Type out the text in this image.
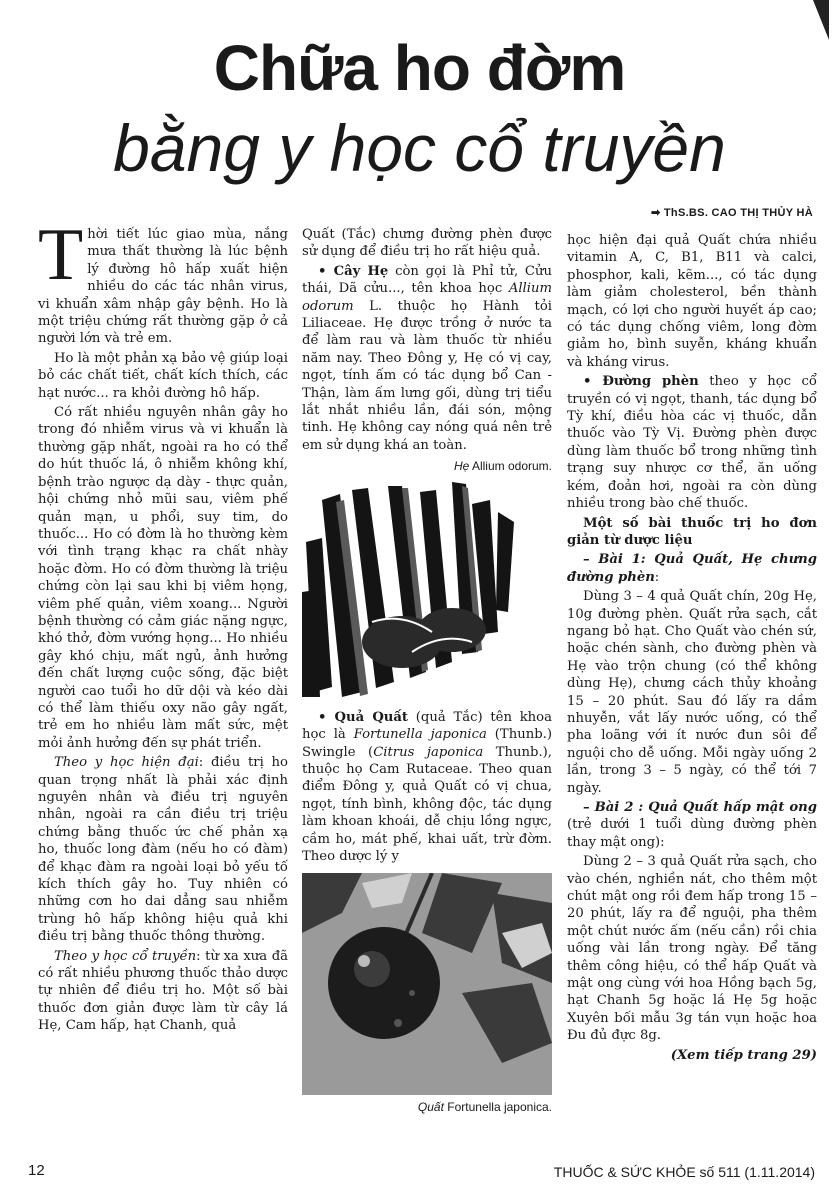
Chữa ho đờm
bằng y học cổ truyền
➡ ThS.BS. CAO THỊ THỦY HÀ

Thời tiết lúc giao mùa, nắng mưa thất thường là lúc bệnh lý đường hô hấp xuất hiện nhiều do các tác nhân virus, vi khuẩn xâm nhập gây bệnh. Ho là một triệu chứng rất thường gặp ở cả người lớn và trẻ em.

Ho là một phản xạ bảo vệ giúp loại bỏ các chất tiết, chất kích thích, các hạt nước... ra khỏi đường hô hấp.

Có rất nhiều nguyên nhân gây ho trong đó nhiễm virus và vi khuẩn là thường gặp nhất, ngoài ra ho có thể do hút thuốc lá, ô nhiễm không khí, bệnh trào ngược dạ dày - thực quản, hội chứng nhỏ mũi sau, viêm phế quản mạn, u phổi, suy tim, do thuốc... Ho có đờm là ho thường kèm với tình trạng khạc ra chất nhày hoặc đờm. Ho có đờm thường là triệu chứng còn lại sau khi bị viêm họng, viêm phế quản, viêm xoang... Người bệnh thường có cảm giác nặng ngực, khó thở, đờm vướng họng... Ho nhiều gây khó chịu, mất ngủ, ảnh hưởng đến chất lượng cuộc sống, đặc biệt người cao tuổi ho dữ dội và kéo dài có thể làm thiếu oxy não gây ngất, trẻ em ho nhiều làm mất sức, mệt mỏi ảnh hưởng đến sự phát triển.

Theo y học hiện đại: điều trị ho quan trọng nhất là phải xác định nguyên nhân và điều trị nguyên nhân, ngoài ra cần điều trị triệu chứng bằng thuốc ức chế phản xạ ho, thuốc long đàm (nếu ho có đàm) để khạc đàm ra ngoài loại bỏ yếu tố kích thích gây ho. Tuy nhiên có những cơn ho dai dẳng sau nhiễm trùng hô hấp không hiệu quả khi điều trị bằng thuốc thông thường.

Theo y học cổ truyền: từ xa xưa đã có rất nhiều phương thuốc thảo dược tự nhiên để điều trị ho. Một số bài thuốc đơn giản được làm từ cây lá Hẹ, Cam hấp, hạt Chanh, quả

Quất (Tắc) chưng đường phèn được sử dụng để điều trị ho rất hiệu quả.

• Cây Hẹ còn gọi là Phỉ tử, Cửu thái, Dã cửu..., tên khoa học Allium odorum L. thuộc họ Hành tỏi Liliaceae. Hẹ được trồng ở nước ta để làm rau và làm thuốc từ nhiều năm nay. Theo Đông y, Hẹ có vị cay, ngọt, tính ấm có tác dụng bổ Can - Thận, làm ấm lưng gối, dùng trị tiểu lắt nhắt nhiều lần, đái són, mộng tinh. Hẹ không cay nóng quá nên trẻ em sử dụng khá an toàn.

Hẹ Allium odorum.

• Quả Quất (quả Tắc) tên khoa học là Fortunella japonica (Thunb.) Swingle (Citrus japonica Thunb.), thuộc họ Cam Rutaceae. Theo quan điểm Đông y, quả Quất có vị chua, ngọt, tính bình, không độc, tác dụng làm khoan khoái, dễ chịu lồng ngực, cầm ho, mát phế, khai uất, trừ đờm. Theo dược lý y

Quất Fortunella japonica.

học hiện đại quả Quất chứa nhiều vitamin A, C, B1, B11 và calci, phosphor, kali, kẽm..., có tác dụng làm giảm cholesterol, bền thành mạch, có lợi cho người huyết áp cao; có tác dụng chống viêm, long đờm giảm ho, bình suyễn, kháng khuẩn và kháng virus.

• Đường phèn theo y học cổ truyền có vị ngọt, thanh, tác dụng bổ Tỳ khí, điều hòa các vị thuốc, dẫn thuốc vào Tỳ Vị. Đường phèn được dùng làm thuốc bổ trong những tình trạng suy nhược cơ thể, ăn uống kém, đoản hơi, ngoài ra còn dùng nhiều trong bào chế thuốc.

Một số bài thuốc trị ho đơn giản từ dược liệu

– Bài 1: Quả Quất, Hẹ chưng đường phèn:

Dùng 3 – 4 quả Quất chín, 20g Hẹ, 10g đường phèn. Quất rửa sạch, cắt ngang bỏ hạt. Cho Quất vào chén sứ, hoặc chén sành, cho đường phèn và Hẹ vào trộn chung (có thể không dùng Hẹ), chưng cách thủy khoảng 15 – 20 phút. Sau đó lấy ra dầm nhuyễn, vắt lấy nước uống, có thể pha loãng với ít nước đun sôi để nguội cho dễ uống. Mỗi ngày uống 2 lần, trong 3 – 5 ngày, có thể tới 7 ngày.

– Bài 2 : Quả Quất hấp mật ong (trẻ dưới 1 tuổi dùng đường phèn thay mật ong):

Dùng 2 – 3 quả Quất rửa sạch, cho vào chén, nghiền nát, cho thêm một chút mật ong rồi đem hấp trong 15 – 20 phút, lấy ra để nguội, pha thêm một chút nước ấm (nếu cần) rồi chia uống vài lần trong ngày. Để tăng thêm công hiệu, có thể hấp Quất và mật ong cùng với hoa Hồng bạch 5g, hạt Chanh 5g hoặc lá Hẹ 5g hoặc Xuyên bối mẫu 3g tán vụn hoặc hoa Đu đủ đực 8g.

(Xem tiếp trang 29)

12	THUỐC & SỨC KHỎE số 511 (1.11.2014)
